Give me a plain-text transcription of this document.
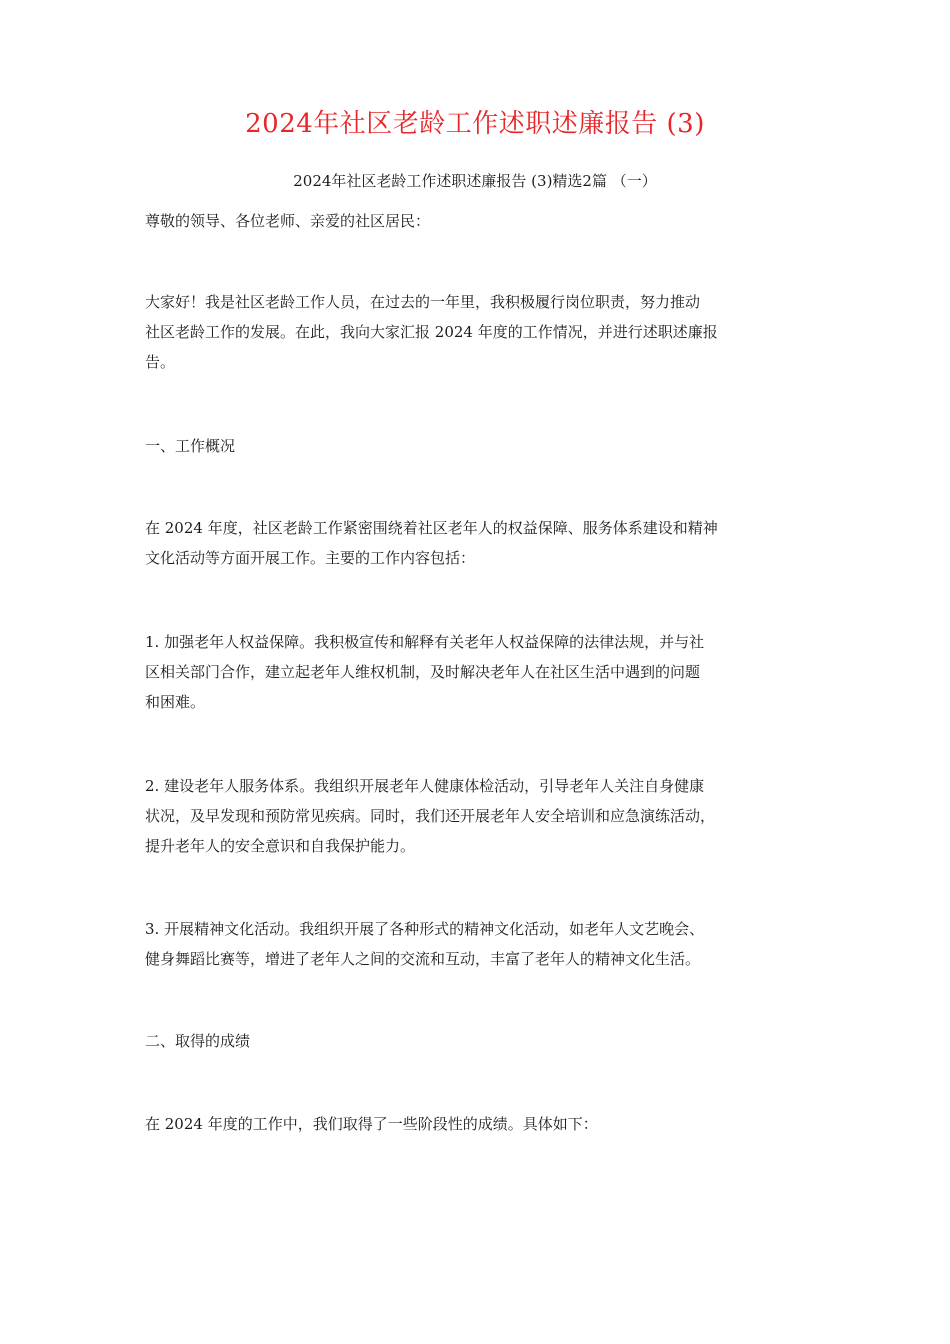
2024年社区老龄工作述职述廉报告 (3)
2024年社区老龄工作述职述廉报告 (3)精选2篇 （一）

尊敬的领导、各位老师、亲爱的社区居民：

大家好！我是社区老龄工作人员，在过去的一年里，我积极履行岗位职责，努力推动
社区老龄工作的发展。在此，我向大家汇报 2024 年度的工作情况，并进行述职述廉报
告。

一、工作概况

在 2024 年度，社区老龄工作紧密围绕着社区老年人的权益保障、服务体系建设和精神
文化活动等方面开展工作。主要的工作内容包括：

1. 加强老年人权益保障。我积极宣传和解释有关老年人权益保障的法律法规，并与社
区相关部门合作，建立起老年人维权机制，及时解决老年人在社区生活中遇到的问题
和困难。

2. 建设老年人服务体系。我组织开展老年人健康体检活动，引导老年人关注自身健康
状况，及早发现和预防常见疾病。同时，我们还开展老年人安全培训和应急演练活动，
提升老年人的安全意识和自我保护能力。

3. 开展精神文化活动。我组织开展了各种形式的精神文化活动，如老年人文艺晚会、
健身舞蹈比赛等，增进了老年人之间的交流和互动，丰富了老年人的精神文化生活。

二、取得的成绩

在 2024 年度的工作中，我们取得了一些阶段性的成绩。具体如下：
